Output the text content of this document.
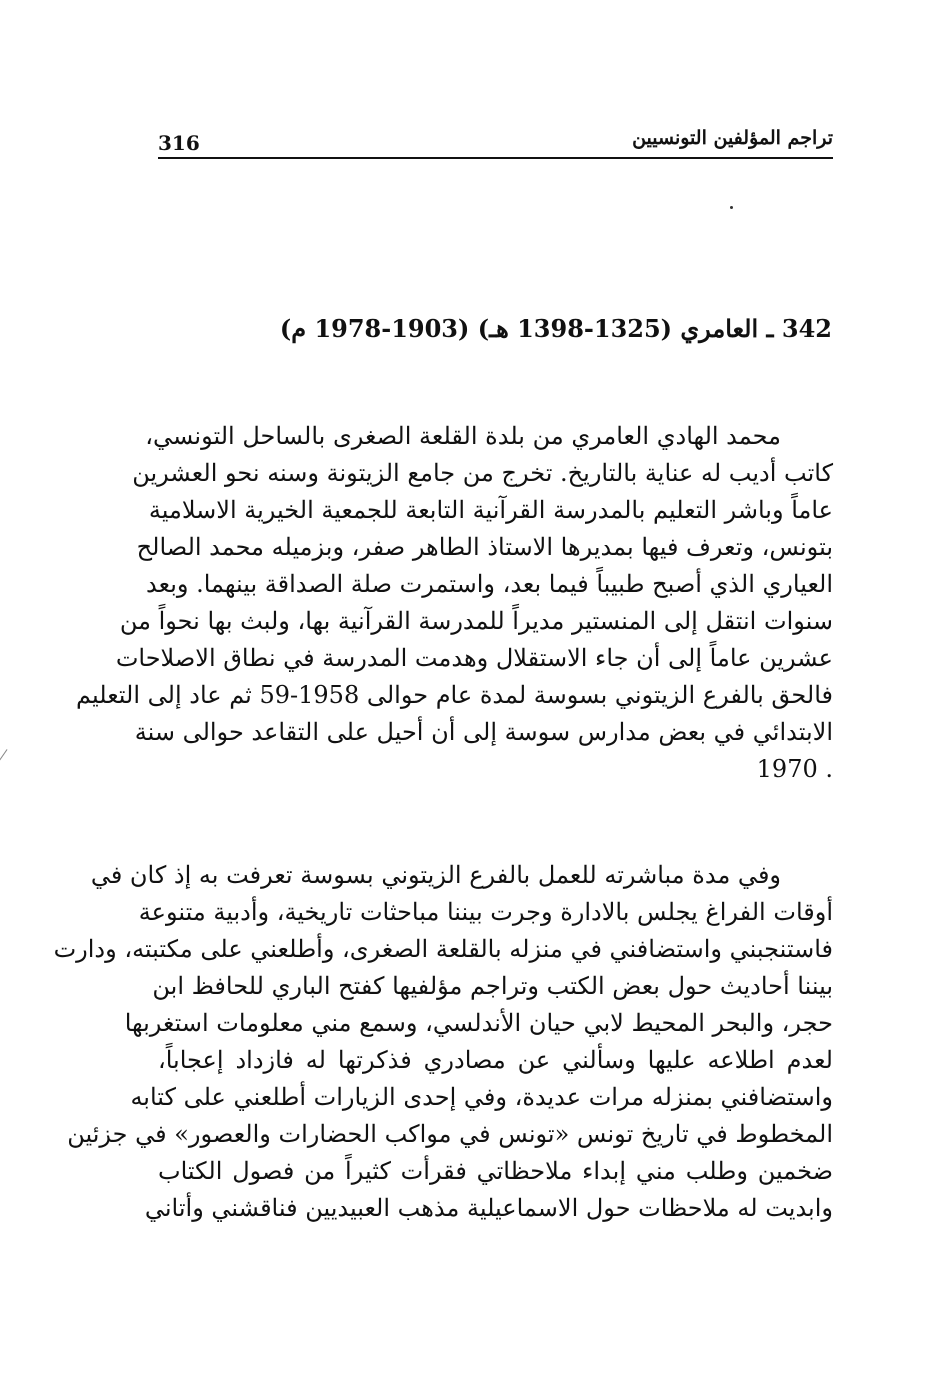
316	تراجم المؤلفين التونسيين
342 ـ العامري (1325-1398 هـ) (1903-1978 م)
محمد الهادي العامري من بلدة القلعة الصغرى بالساحل التونسي،
كاتب أديب له عناية بالتاريخ. تخرج من جامع الزيتونة وسنه نحو العشرين
عاماً وباشر التعليم بالمدرسة القرآنية التابعة للجمعية الخيرية الاسلامية
بتونس، وتعرف فيها بمديرها الاستاذ الطاهر صفر، وبزميله محمد الصالح
العياري الذي أصبح طبيباً فيما بعد، واستمرت صلة الصداقة بينهما. وبعد
سنوات انتقل إلى المنستير مديراً للمدرسة القرآنية بها، ولبث بها نحواً من
عشرين عاماً إلى أن جاء الاستقلال وهدمت المدرسة في نطاق الاصلاحات
فالحق بالفرع الزيتوني بسوسة لمدة عام حوالى 1958-59 ثم عاد إلى التعليم
الابتدائي في بعض مدارس سوسة إلى أن أحيل على التقاعد حوالى سنة
. 1970
وفي مدة مباشرته للعمل بالفرع الزيتوني بسوسة تعرفت به إذ كان في
أوقات الفراغ يجلس بالادارة وجرت بيننا مباحثات تاريخية، وأدبية متنوعة
فاستنجبني واستضافني في منزله بالقلعة الصغرى، وأطلعني على مكتبته، ودارت
بيننا أحاديث حول بعض الكتب وتراجم مؤلفيها كفتح الباري للحافظ ابن
حجر، والبحر المحيط لابي حيان الأندلسي، وسمع مني معلومات استغربها
لعدم اطلاعه عليها وسألني عن مصادري فذكرتها له فازداد إعجاباً،
واستضافني بمنزله مرات عديدة، وفي إحدى الزيارات أطلعني على كتابه
المخطوط في تاريخ تونس «تونس في مواكب الحضارات والعصور» في جزئين
ضخمين وطلب مني إبداء ملاحظاتي فقرأت كثيراً من فصول الكتاب
وابديت له ملاحظات حول الاسماعيلية مذهب العبيديين فناقشني وأتاني
